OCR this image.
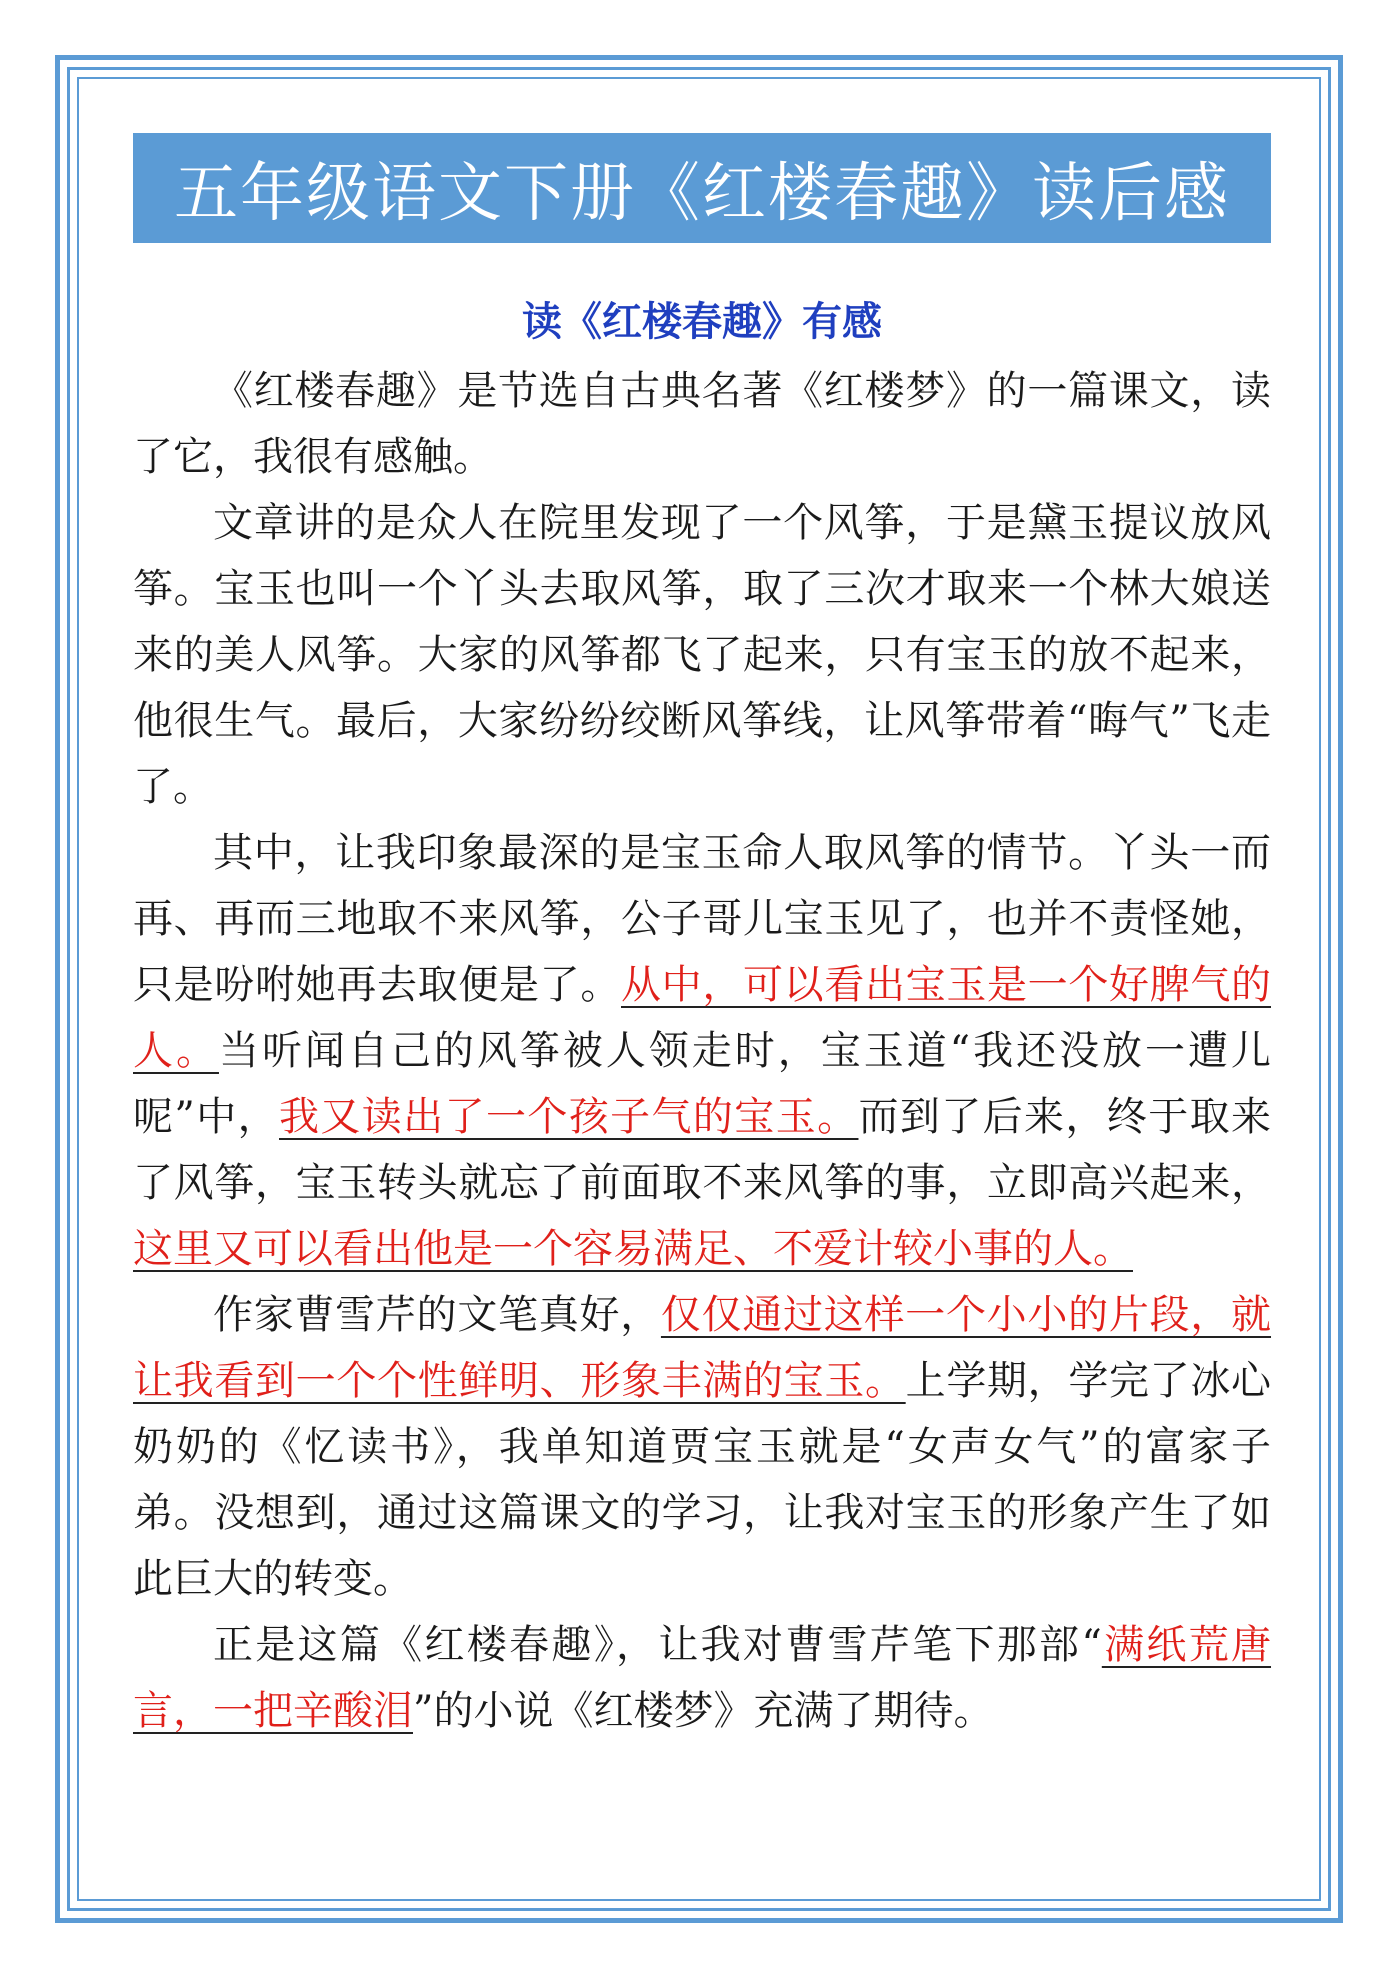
五年级语文下册《红楼春趣》读后感
读《红楼春趣》有感

《红楼春趣》是节选自古典名著《红楼梦》的一篇课文，读了它，我很有感触。

文章讲的是众人在院里发现了一个风筝，于是黛玉提议放风筝。宝玉也叫一个丫头去取风筝，取了三次才取来一个林大娘送来的美人风筝。大家的风筝都飞了起来，只有宝玉的放不起来，他很生气。最后，大家纷纷绞断风筝线，让风筝带着“晦气”飞走了。

其中，让我印象最深的是宝玉命人取风筝的情节。丫头一而再、再而三地取不来风筝，公子哥儿宝玉见了，也并不责怪她，只是吩咐她再去取便是了。从中，可以看出宝玉是一个好脾气的人。当听闻自己的风筝被人领走时，宝玉道“我还没放一遭儿呢”中，我又读出了一个孩子气的宝玉。而到了后来，终于取来了风筝，宝玉转头就忘了前面取不来风筝的事，立即高兴起来，这里又可以看出他是一个容易满足、不爱计较小事的人。

作家曹雪芹的文笔真好，仅仅通过这样一个小小的片段，就让我看到一个个性鲜明、形象丰满的宝玉。上学期，学完了冰心奶奶的《忆读书》，我单知道贾宝玉就是“女声女气”的富家子弟。没想到，通过这篇课文的学习，让我对宝玉的形象产生了如此巨大的转变。

正是这篇《红楼春趣》，让我对曹雪芹笔下那部“满纸荒唐言，一把辛酸泪”的小说《红楼梦》充满了期待。
